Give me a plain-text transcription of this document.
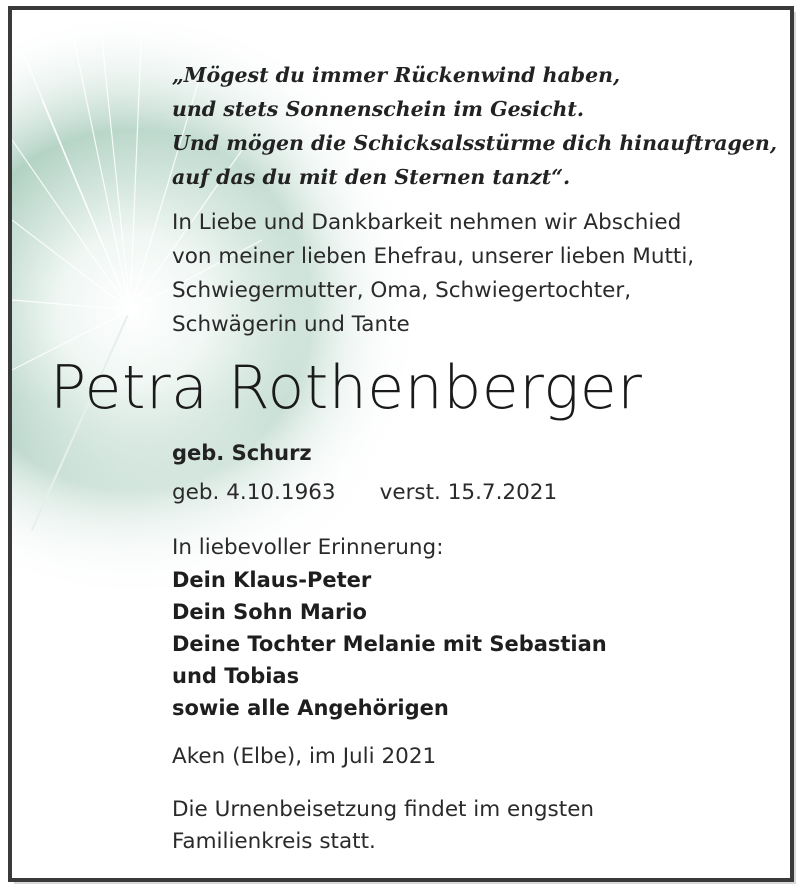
„Mögest du immer Rückenwind haben,
und stets Sonnenschein im Gesicht.
Und mögen die Schicksalsstürme dich hinauftragen,
auf das du mit den Sternen tanzt“.
In Liebe und Dankbarkeit nehmen wir Abschied
von meiner lieben Ehefrau, unserer lieben Mutti,
Schwiegermutter, Oma, Schwiegertochter,
Schwägerin und Tante
Petra Rothenberger
geb. Schurz
geb. 4.10.1963 verst. 15.7.2021
In liebevoller Erinnerung:
Dein Klaus-Peter
Dein Sohn Mario
Deine Tochter Melanie mit Sebastian
und Tobias
sowie alle Angehörigen
Aken (Elbe), im Juli 2021
Die Urnenbeisetzung findet im engsten
Familienkreis statt.
